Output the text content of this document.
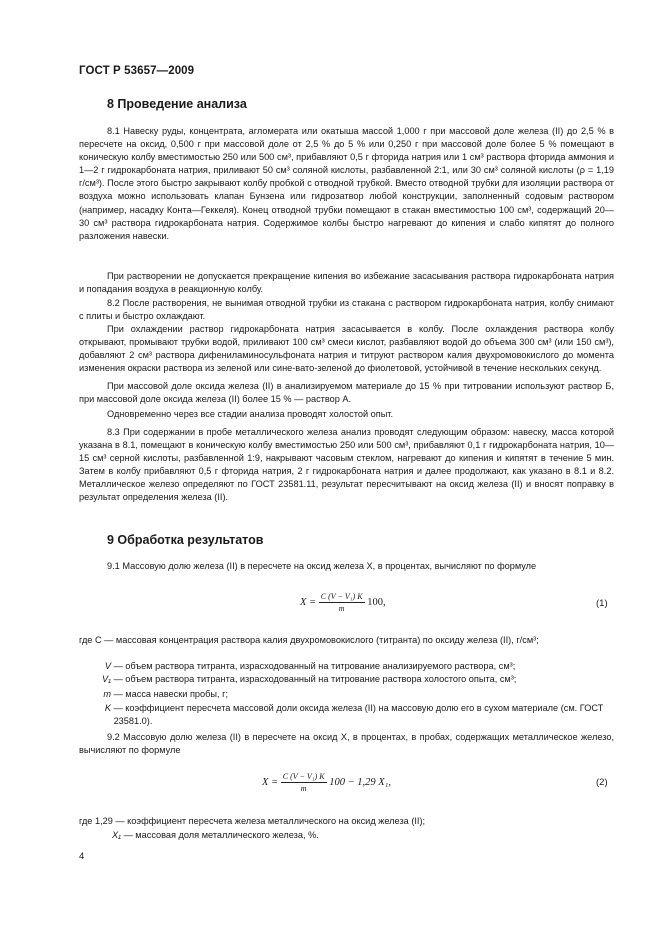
ГОСТ Р 53657—2009
8 Проведение анализа

8.1 Навеску руды, концентрата, агломерата или окатыша массой 1,000 г при массовой доле железа (II) до 2,5 % в пересчете на оксид, 0,500 г при массовой доле от 2,5 % до 5 % или 0,250 г при массовой доле более 5 % помещают в коническую колбу вместимостью 250 или 500 см³, прибавляют 0,5 г фторида натрия или 1 см³ раствора фторида аммония и 1—2 г гидрокарбоната натрия, приливают 50 см³ соляной кислоты, разбавленной 2:1, или 30 см³ соляной кислоты (ρ = 1,19 г/см³). После этого быстро закрывают колбу пробкой с отводной трубкой. Вместо отводной трубки для изоляции раствора от воздуха можно использовать клапан Бунзена или гидрозатвор любой конструкции, заполненный содовым раствором (например, насадку Конта—Геккеля). Конец отводной трубки помещают в стакан вместимостью 100 см³, содержащий 20—30 см³ раствора гидрокарбоната натрия. Содержимое колбы быстро нагревают до кипения и слабо кипятят до полного разложения навески.

При растворении не допускается прекращение кипения во избежание засасывания раствора гидрокарбоната натрия и попадания воздуха в реакционную колбу.

8.2 После растворения, не вынимая отводной трубки из стакана с раствором гидрокарбоната натрия, колбу снимают с плиты и быстро охлаждают.

При охлаждении раствор гидрокарбоната натрия засасывается в колбу. После охлаждения раствора колбу открывают, промывают трубки водой, приливают 100 см³ смеси кислот, разбавляют водой до объема 300 см³ (или 150 см³), добавляют 2 см³ раствора дифениламиносульфоната натрия и титруют раствором калия двухромовокислого до момента изменения окраски раствора из зеленой или сине-вато-зеленой до фиолетовой, устойчивой в течение нескольких секунд.

При массовой доле оксида железа (II) в анализируемом материале до 15 % при титровании используют раствор Б, при массовой доле оксида железа (II) более 15 % — раствор А.

Одновременно через все стадии анализа проводят холостой опыт.

8.3 При содержании в пробе металлического железа анализ проводят следующим образом: навеску, масса которой указана в 8.1, помещают в коническую колбу вместимостью 250 или 500 см³, прибавляют 0,1 г гидрокарбоната натрия, 10—15 см³ серной кислоты, разбавленной 1:9, накрывают часовым стеклом, нагревают до кипения и кипятят в течение 5 мин. Затем в колбу прибавляют 0,5 г фторида натрия, 2 г гидрокарбоната натрия и далее продолжают, как указано в 8.1 и 8.2. Металлическое железо определяют по ГОСТ 23581.11, результат пересчитывают на оксид железа (II) и вносят поправку в результат определения железа (II).

9 Обработка результатов

9.1 Массовую долю железа (II) в пересчете на оксид железа X, в процентах, вычисляют по формуле

$X = \frac{\text{C (V − V₁) K}}{m} 100$,	(1)
где C — массовая концентрация раствора калия двухромовокислого (титранта) по оксиду железа (II), г/см³;
V — объем раствора титранта, израсходованный на титрование анализируемого раствора, см³;
V₁ — объем раствора титранта, израсходованный на титрование раствора холостого опыта, см³;
m — масса навески пробы, г;
K — коэффициент пересчета массовой доли оксида железа (II) на массовую долю его в сухом материале (см. ГОСТ 23581.0).

9.2 Массовую долю железа (II) в пересчете на оксид X, в процентах, в пробах, содержащих металлическое железо, вычисляют по формуле

$X = \frac{\text{C (V − V₁) K}}{m} 100 - 1,29$ X₁,	(2)
где 1,29 — коэффициент пересчета железа металлического на оксид железа (II);
X₁ — массовая доля металлического железа, %.
4
